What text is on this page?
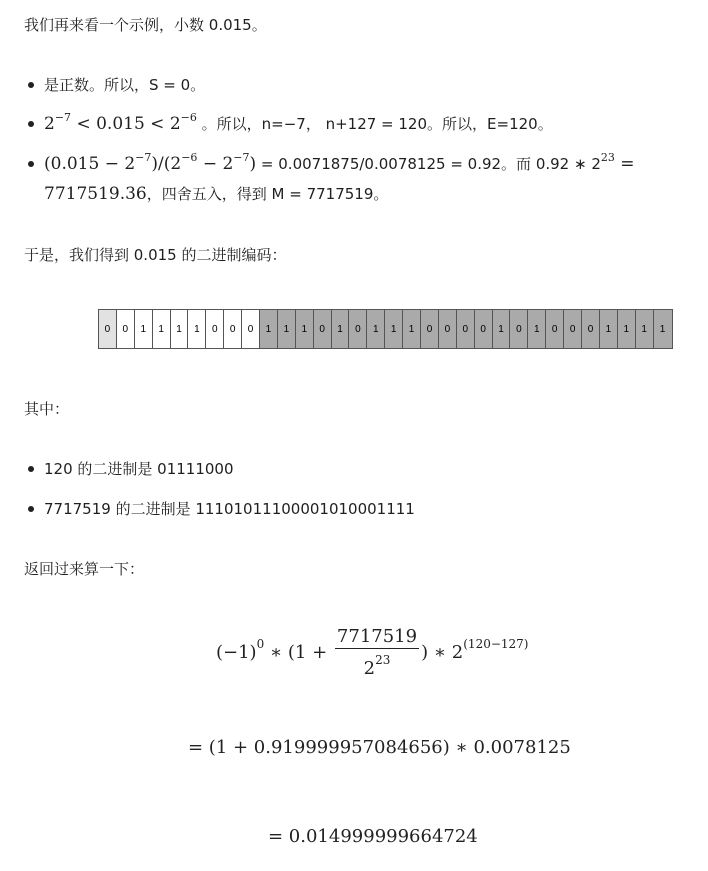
我们再来看一个示例，小数 0.015。
是正数。所以，S = 0。
$2^{-7} < 0.015 < 2^{-6}$ 。所以，n=−7， n+127 = 120。所以，E=120。
$(0.015 - 2^{-7})/(2^{-6} - 2^{-7}) = 0.0071875/0.0078125 = 0.92$。而 0.92 ∗ $2^{23}$ =
7717519.36，四舍五入，得到 M = 7717519。
于是，我们得到 0.015 的二进制编码：
0	0	1	1	1	1	0	0	0	1	1	1	0	1	0	1	1	1	0	0	0	0	1	0	1	0	0	0	1	1	1	1
其中：
120 的二进制是 01111000
7717519 的二进制是 11101011100001010001111
返回过来算一下：
$(-1)^0$ ∗ ($1 + \frac{7717519}{2^{23}}$ ) ∗ $2^{(120-127)}$
= (1 + 0.919999957084656) ∗ 0.0078125
= 0.014999999664724
